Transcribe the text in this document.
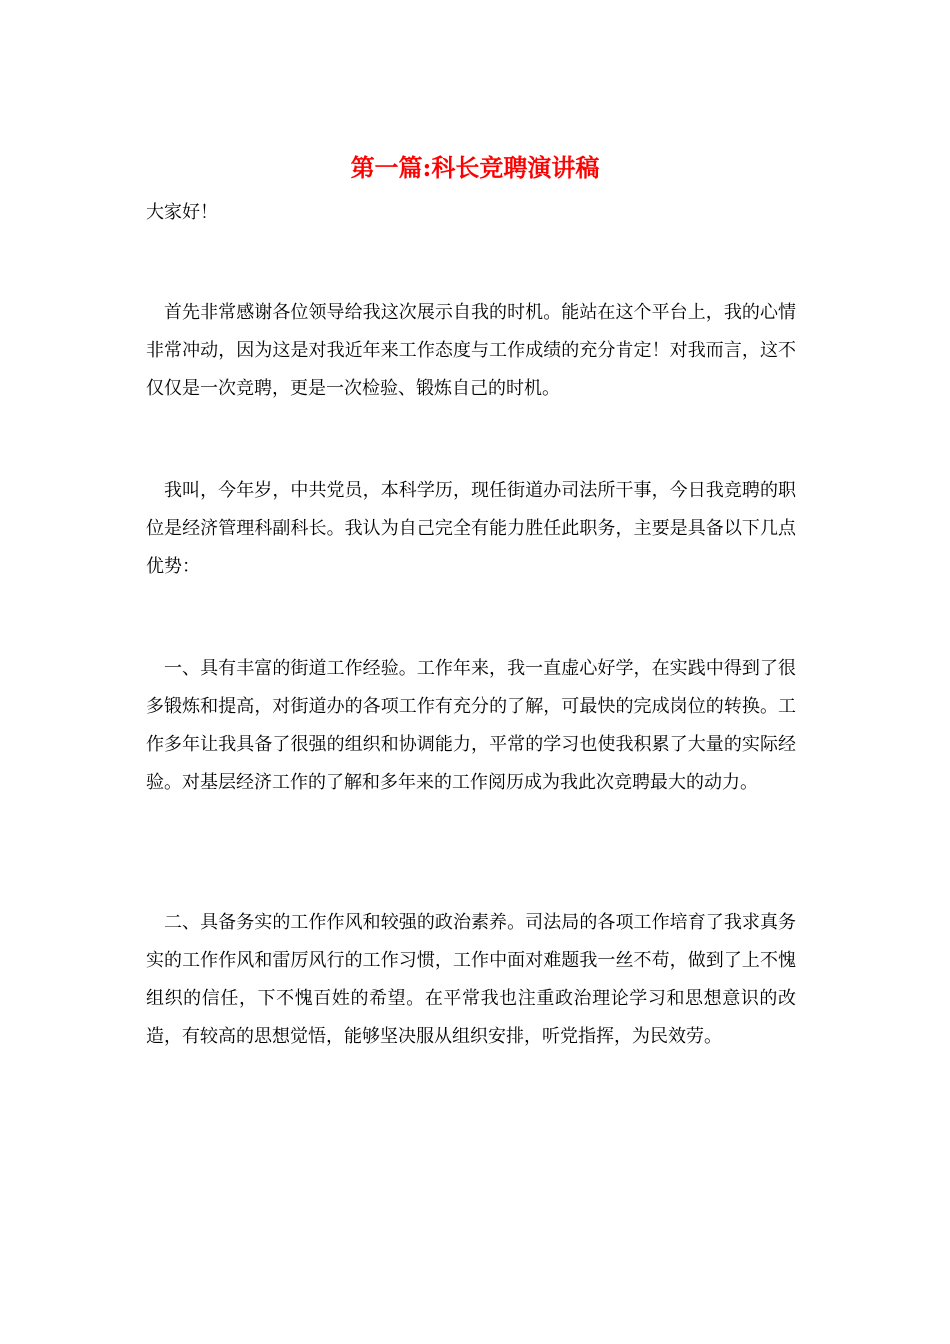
第一篇:科长竞聘演讲稿
大家好！
首先非常感谢各位领导给我这次展示自我的时机。能站在这个平台上，我的心情非常冲动，因为这是对我近年来工作态度与工作成绩的充分肯定！对我而言，这不仅仅是一次竞聘，更是一次检验、锻炼自己的时机。
我叫，今年岁，中共党员，本科学历，现任街道办司法所干事，今日我竞聘的职位是经济管理科副科长。我认为自己完全有能力胜任此职务，主要是具备以下几点优势：
一、具有丰富的街道工作经验。工作年来，我一直虚心好学，在实践中得到了很多锻炼和提高，对街道办的各项工作有充分的了解，可最快的完成岗位的转换。工作多年让我具备了很强的组织和协调能力，平常的学习也使我积累了大量的实际经验。对基层经济工作的了解和多年来的工作阅历成为我此次竞聘最大的动力。
二、具备务实的工作作风和较强的政治素养。司法局的各项工作培育了我求真务实的工作作风和雷厉风行的工作习惯，工作中面对难题我一丝不苟，做到了上不愧组织的信任，下不愧百姓的希望。在平常我也注重政治理论学习和思想意识的改造，有较高的思想觉悟，能够坚决服从组织安排，听党指挥，为民效劳。
